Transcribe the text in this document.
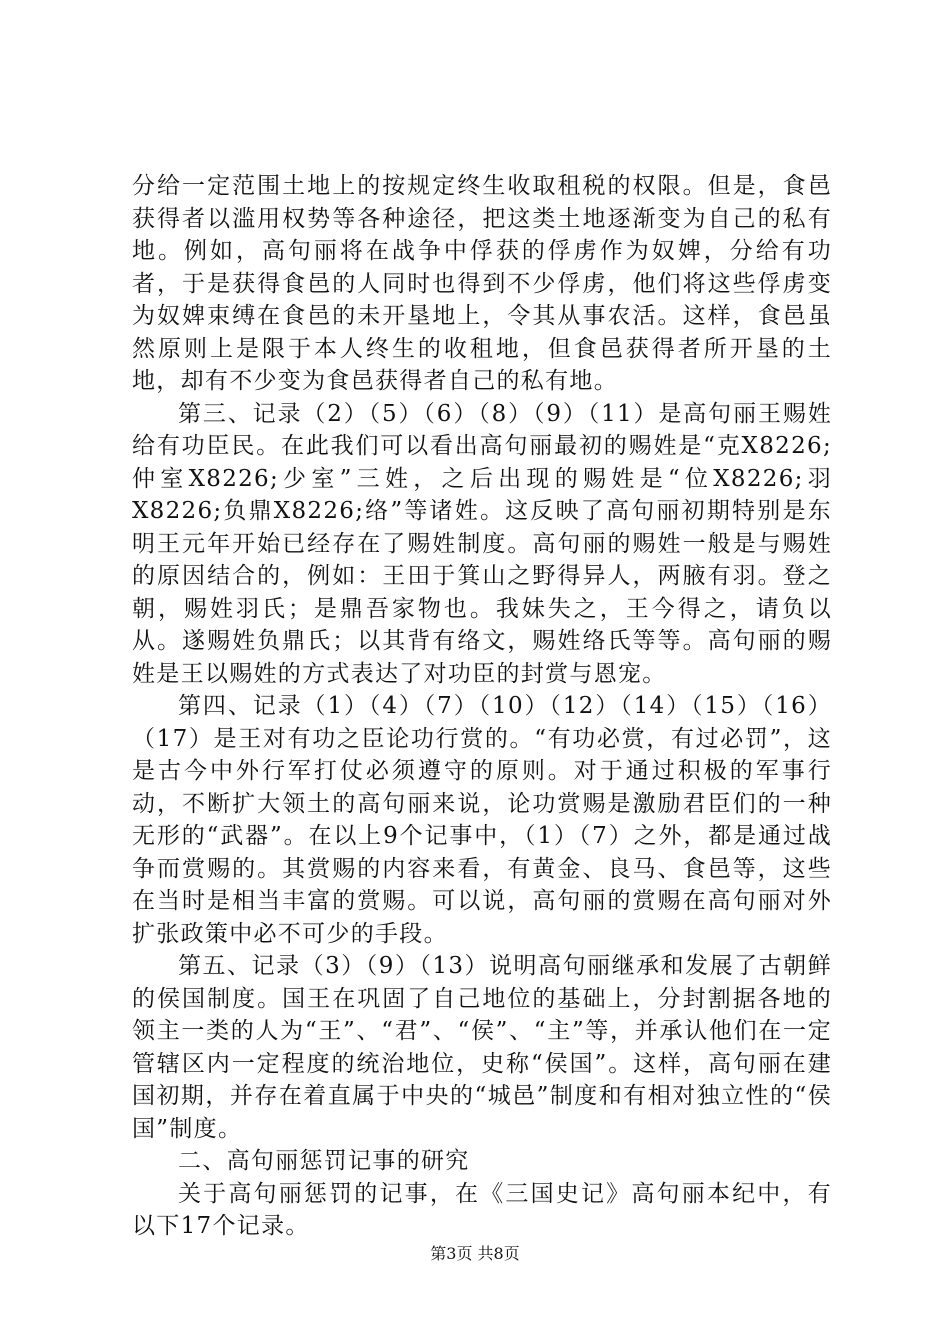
分给一定范围土地上的按规定终生收取租税的权限。但是，食邑获得者以滥用权势等各种途径，把这类土地逐渐变为自己的私有地。例如，高句丽将在战争中俘获的俘虏作为奴婢，分给有功者，于是获得食邑的人同时也得到不少俘虏，他们将这些俘虏变为奴婢束缚在食邑的未开垦地上，令其从事农活。这样，食邑虽然原则上是限于本人终生的收租地，但食邑获得者所开垦的土地，却有不少变为食邑获得者自己的私有地。

第三、记录（2）（5）（6）（8）（9）（11）是高句丽王赐姓给有功臣民。在此我们可以看出高句丽最初的赐姓是“克X8226;仲室X8226;少室”三姓，之后出现的赐姓是“位X8226;羽X8226;负鼎X8226;络”等诸姓。这反映了高句丽初期特别是东明王元年开始已经存在了赐姓制度。高句丽的赐姓一般是与赐姓的原因结合的，例如：王田于箕山之野得异人，两腋有羽。登之朝，赐姓羽氏；是鼎吾家物也。我妹失之，王今得之，请负以从。遂赐姓负鼎氏；以其背有络文，赐姓络氏等等。高句丽的赐姓是王以赐姓的方式表达了对功臣的封赏与恩宠。

第四、记录（1）（4）（7）（10）（12）（14）（15）（16）（17）是王对有功之臣论功行赏的。“有功必赏，有过必罚”，这是古今中外行军打仗必须遵守的原则。对于通过积极的军事行动，不断扩大领土的高句丽来说，论功赏赐是激励君臣们的一种无形的“武器”。在以上9个记事中，（1）（7）之外，都是通过战争而赏赐的。其赏赐的内容来看，有黄金、良马、食邑等，这些在当时是相当丰富的赏赐。可以说，高句丽的赏赐在高句丽对外扩张政策中必不可少的手段。

第五、记录（3）（9）（13）说明高句丽继承和发展了古朝鲜的侯国制度。国王在巩固了自己地位的基础上，分封割据各地的领主一类的人为“王”、“君”、“侯”、“主”等，并承认他们在一定管辖区内一定程度的统治地位，史称“侯国”。这样，高句丽在建国初期，并存在着直属于中央的“城邑”制度和有相对独立性的“侯国”制度。

二、高句丽惩罚记事的研究

关于高句丽惩罚的记事，在《三国史记》高句丽本纪中，有以下17个记录。

第3页 共8页
